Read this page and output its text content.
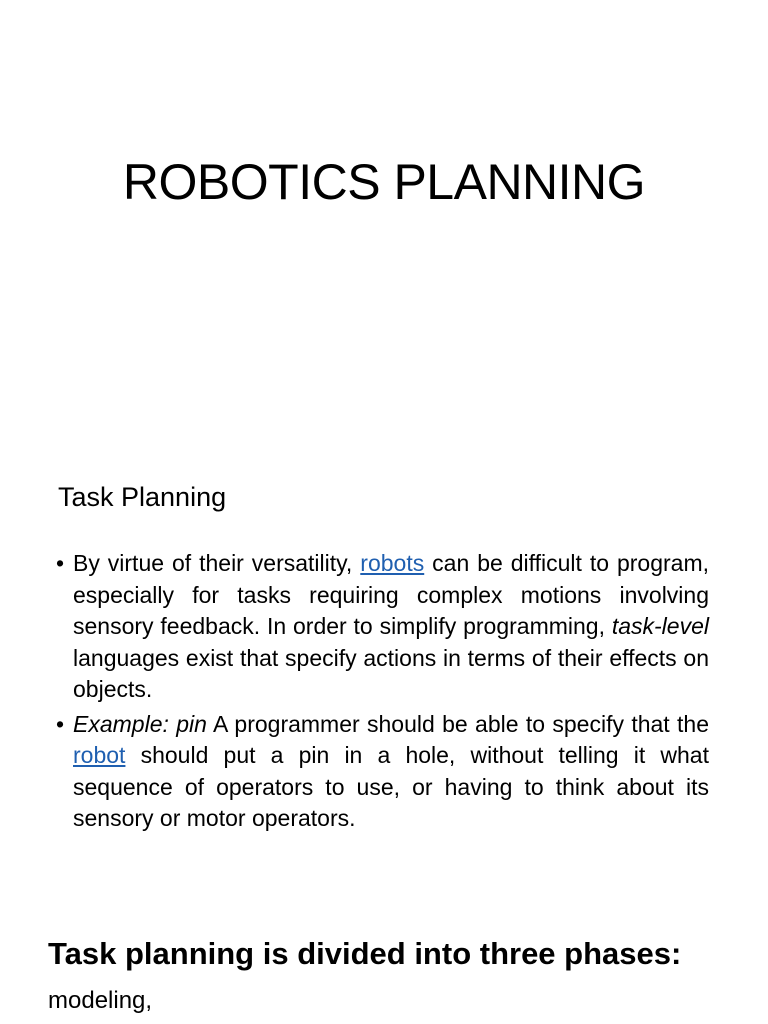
ROBOTICS PLANNING
Task Planning
• By virtue of their versatility, robots can be difficult to program, especially for tasks requiring complex motions involving sensory feedback. In order to simplify programming, task-level languages exist that specify actions in terms of their effects on objects.
• Example: pin A programmer should be able to specify that the robot should put a pin in a hole, without telling it what sequence of operators to use, or having to think about its sensory or motor operators.
Task planning is divided into three phases:

modeling,
